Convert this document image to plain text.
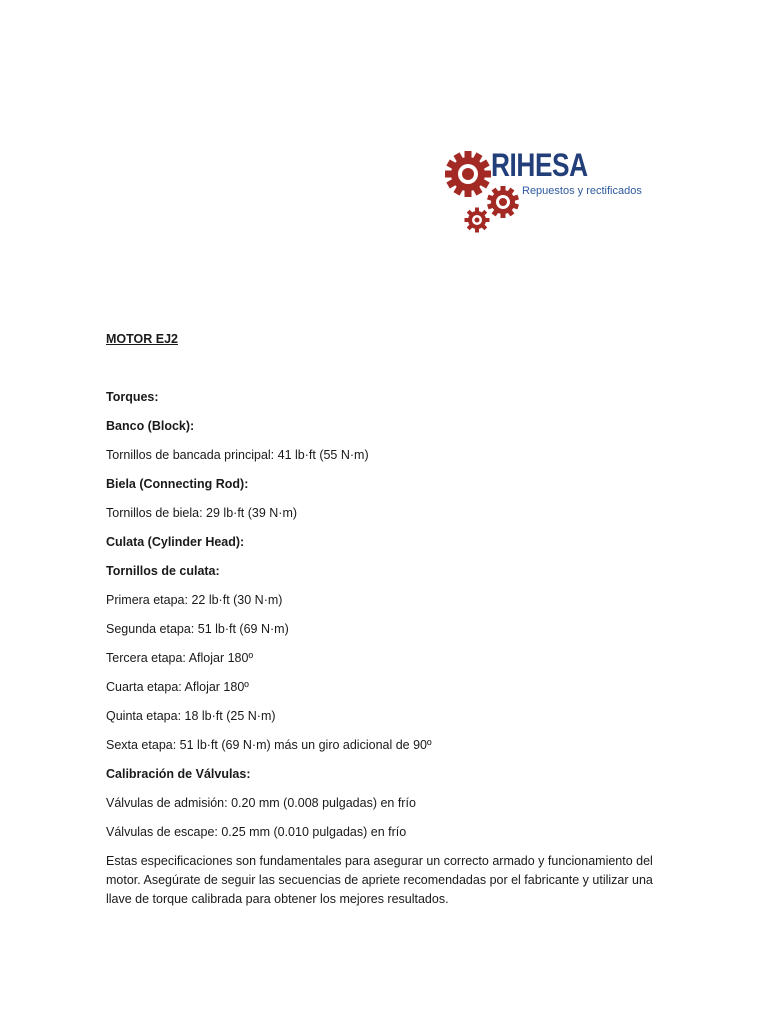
RIHESA
Repuestos y rectificados

MOTOR EJ2

Torques:

Banco (Block):

Tornillos de bancada principal: 41 lb·ft (55 N·m)

Biela (Connecting Rod):

Tornillos de biela: 29 lb·ft (39 N·m)

Culata (Cylinder Head):

Tornillos de culata:

Primera etapa: 22 lb·ft (30 N·m)

Segunda etapa: 51 lb·ft (69 N·m)

Tercera etapa: Aflojar 180º

Cuarta etapa: Aflojar 180º

Quinta etapa: 18 lb·ft (25 N·m)

Sexta etapa: 51 lb·ft (69 N·m) más un giro adicional de 90º

Calibración de Válvulas:

Válvulas de admisión: 0.20 mm (0.008 pulgadas) en frío

Válvulas de escape: 0.25 mm (0.010 pulgadas) en frío

Estas especificaciones son fundamentales para asegurar un correcto armado y funcionamiento del motor. Asegúrate de seguir las secuencias de apriete recomendadas por el fabricante y utilizar una llave de torque calibrada para obtener los mejores resultados.
